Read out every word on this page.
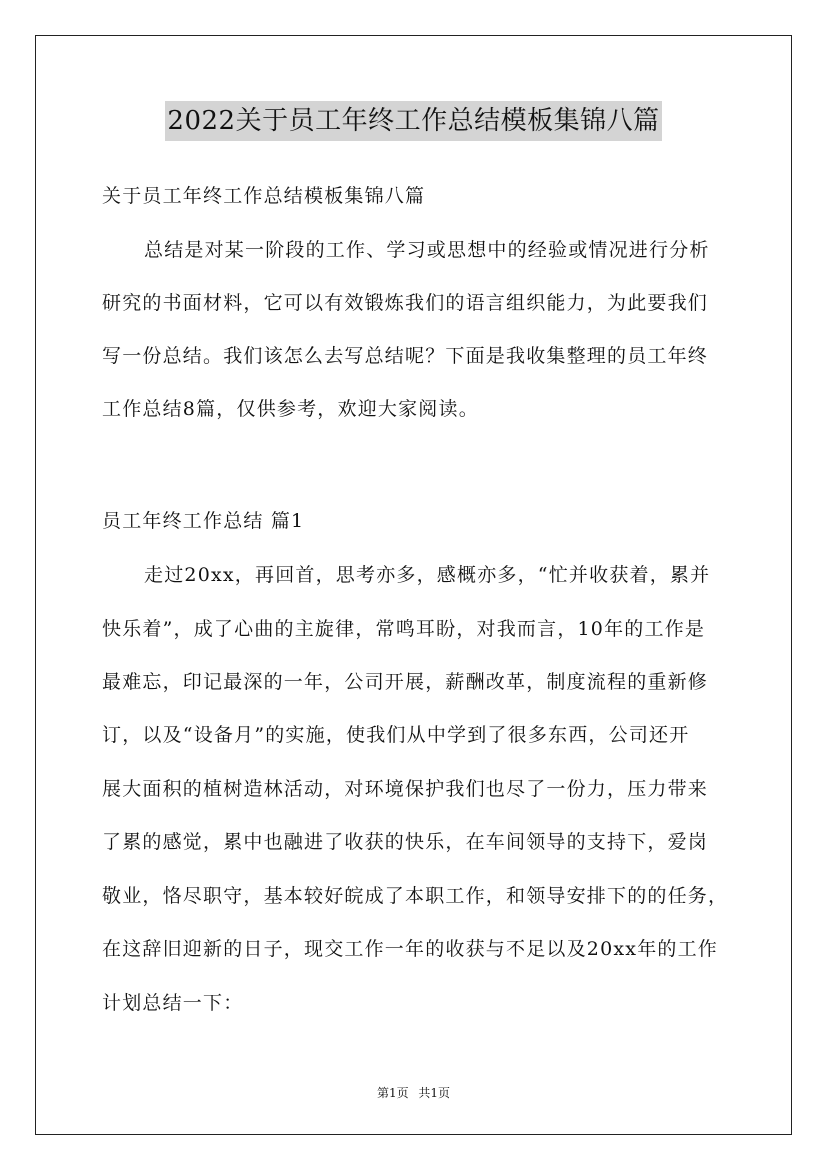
2022关于员工年终工作总结模板集锦八篇
关于员工年终工作总结模板集锦八篇
总结是对某一阶段的工作、学习或思想中的经验或情况进行分析
研究的书面材料，它可以有效锻炼我们的语言组织能力，为此要我们
写一份总结。我们该怎么去写总结呢？下面是我收集整理的员工年终
工作总结8篇，仅供参考，欢迎大家阅读。
员工年终工作总结 篇1
走过20xx，再回首，思考亦多，感概亦多，“忙并收获着，累并
快乐着”，成了心曲的主旋律，常鸣耳盼，对我而言，10年的工作是
最难忘，印记最深的一年，公司开展，薪酬改革，制度流程的重新修
订，以及“设备月”的实施，使我们从中学到了很多东西，公司还开
展大面积的植树造林活动，对环境保护我们也尽了一份力，压力带来
了累的感觉，累中也融进了收获的快乐，在车间领导的支持下，爱岗
敬业，恪尽职守，基本较好皖成了本职工作，和领导安排下的的任务，
在这辞旧迎新的日子，现交工作一年的收获与不足以及20xx年的工作
计划总结一下：
第1页 共1页
